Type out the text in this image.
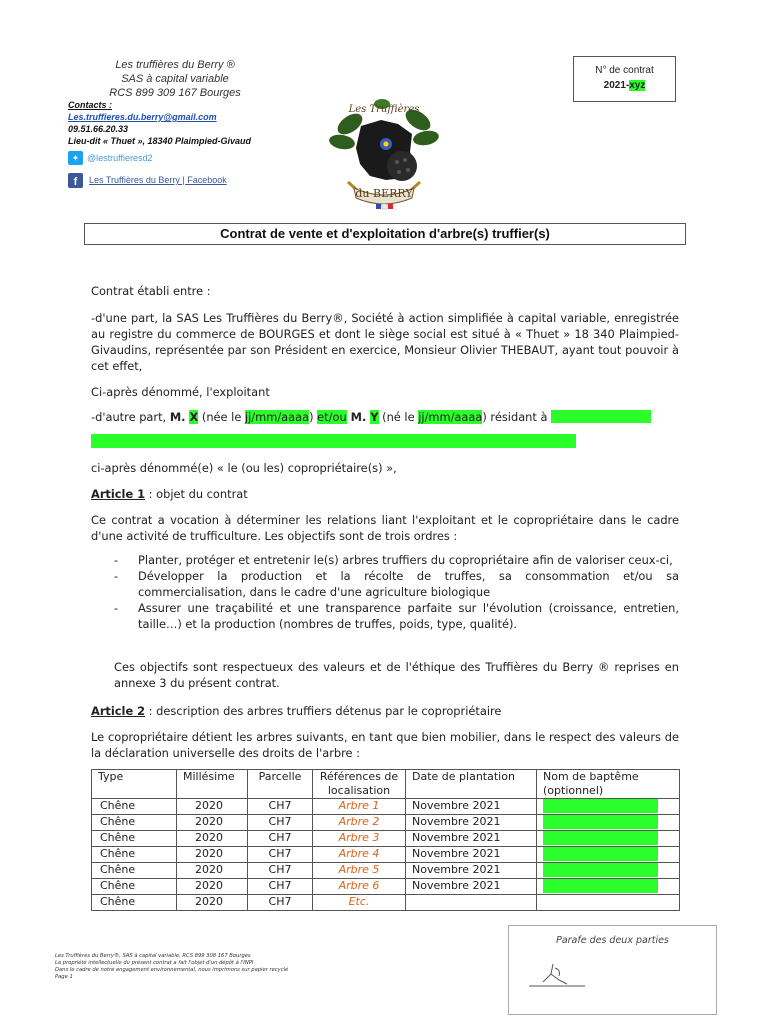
Les truffières du Berry ®
SAS à capital variable
RCS 899 309 167 Bourges
Contacts :
Les.truffieres.du.berry@gmail.com
09.51.66.20.33
Lieu-dit « Thuet », 18340 Plaimpied-Givaud
✦ @lestruffieresd2
f	Les Truffières du Berry | Facebook
Les Truffières
du BERRY
N° de contrat
2021-xyz
Contrat de vente et d'exploitation d'arbre(s) truffier(s)
Contrat établi entre :
-d'une part, la SAS Les Truffières du Berry®, Société à action simplifiée à capital variable, enregistrée au registre du commerce de BOURGES et dont le siège social est situé à « Thuet » 18 340 Plaimpied-Givaudins, représentée par son Président en exercice, Monsieur Olivier THEBAUT, ayant tout pouvoir à cet effet,
Ci-après dénommé, l'exploitant
-d'autre part, M. X (née le jj/mm/aaaa) et/ou M. Y (né le jj/mm/aaaa) résidant à
ci-après dénommé(e) « le (ou les) copropriétaire(s) »,
Article 1 : objet du contrat
Ce contrat a vocation à déterminer les relations liant l'exploitant et le copropriétaire dans le cadre d'une activité de trufficulture. Les objectifs sont de trois ordres :
- Planter, protéger et entretenir le(s) arbres truffiers du copropriétaire afin de valoriser ceux-ci,
- Développer la production et la récolte de truffes, sa consommation et/ou sa commercialisation, dans le cadre d'une agriculture biologique
- Assurer une traçabilité et une transparence parfaite sur l'évolution (croissance, entretien, taille…) et la production (nombres de truffes, poids, type, qualité).
Ces objectifs sont respectueux des valeurs et de l'éthique des Truffières du Berry ® reprises en annexe 3 du présent contrat.
Article 2 : description des arbres truffiers détenus par le copropriétaire
Le copropriétaire détient les arbres suivants, en tant que bien mobilier, dans le respect des valeurs de la déclaration universelle des droits de l'arbre :
Type	Millésime	Parcelle	Références de localisation	Date de plantation	Nom de baptême (optionnel)
Chêne	2020	CH7	Arbre 1	Novembre 2021	

Chêne	2020	CH7	Arbre 2	Novembre 2021	

Chêne	2020	CH7	Arbre 3	Novembre 2021	

Chêne	2020	CH7	Arbre 4	Novembre 2021	

Chêne	2020	CH7	Arbre 5	Novembre 2021	

Chêne	2020	CH7	Arbre 6	Novembre 2021	

Chêne	2020	CH7	Etc.		
Les Truffières du Berry®, SAS à capital variable, RCS 899 308 167 Bourges
La propriété intellectuelle du présent contrat a fait l'objet d'un dépôt à l'INPI
Dans le cadre de notre engagement environnemental, nous imprimons sur papier recyclé
Page 1
Parafe des deux parties
